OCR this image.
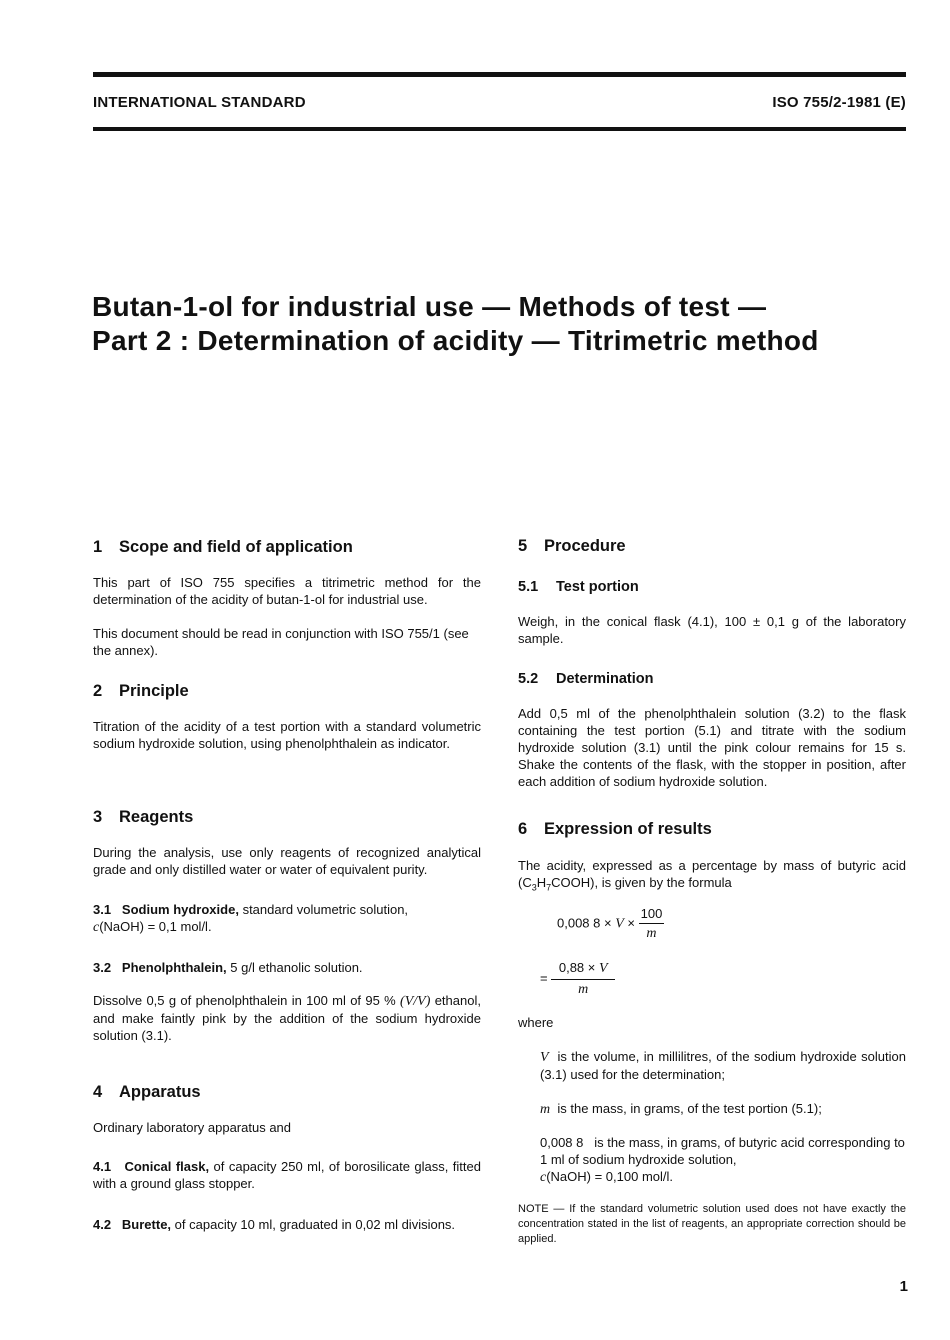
INTERNATIONAL STANDARD	ISO 755/2-1981 (E)
Butan-1-ol for industrial use — Methods of test —
Part 2 : Determination of acidity — Titrimetric method
1 Scope and field of application

This part of ISO 755 specifies a titrimetric method for the determination of the acidity of butan-1-ol for industrial use.

This document should be read in conjunction with ISO 755/1 (see the annex).

2 Principle

Titration of the acidity of a test portion with a standard volumetric sodium hydroxide solution, using phenolphthalein as indicator.

3 Reagents

During the analysis, use only reagents of recognized analytical grade and only distilled water or water of equivalent purity.

3.1 Sodium hydroxide, standard volumetric solution,
c(NaOH) = 0,1 mol/l.

3.2 Phenolphthalein, 5 g/l ethanolic solution.

Dissolve 0,5 g of phenolphthalein in 100 ml of 95 % (V/V) ethanol, and make faintly pink by the addition of the sodium hydroxide solution (3.1).

4 Apparatus

Ordinary laboratory apparatus and

4.1 Conical flask, of capacity 250 ml, of borosilicate glass, fitted with a ground glass stopper.

4.2 Burette, of capacity 10 ml, graduated in 0,02 ml divisions.

5 Procedure
5.1 Test portion

Weigh, in the conical flask (4.1), 100 ± 0,1 g of the laboratory sample.

5.2 Determination

Add 0,5 ml of the phenolphthalein solution (3.2) to the flask containing the test portion (5.1) and titrate with the sodium hydroxide solution (3.1) until the pink colour remains for 15 s. Shake the contents of the flask, with the stopper in position, after each addition of sodium hydroxide solution.

6 Expression of results

The acidity, expressed as a percentage by mass of butyric acid $(C_3H_7COOH)$, is given by the formula

0,008 $8 \times V \times \frac{100}{m}$
= $\frac{0,88 \times V}{m}$

where

V is the volume, in millilitres, of the sodium hydroxide solution (3.1) used for the determination;

m is the mass, in grams, of the test portion (5.1);

0,008 8 is the mass, in grams, of butyric acid corresponding to 1 ml of sodium hydroxide solution,
c(NaOH) = 0,100 mol/l.

NOTE — If the standard volumetric solution used does not have exactly the concentration stated in the list of reagents, an appropriate correction should be applied.

1
